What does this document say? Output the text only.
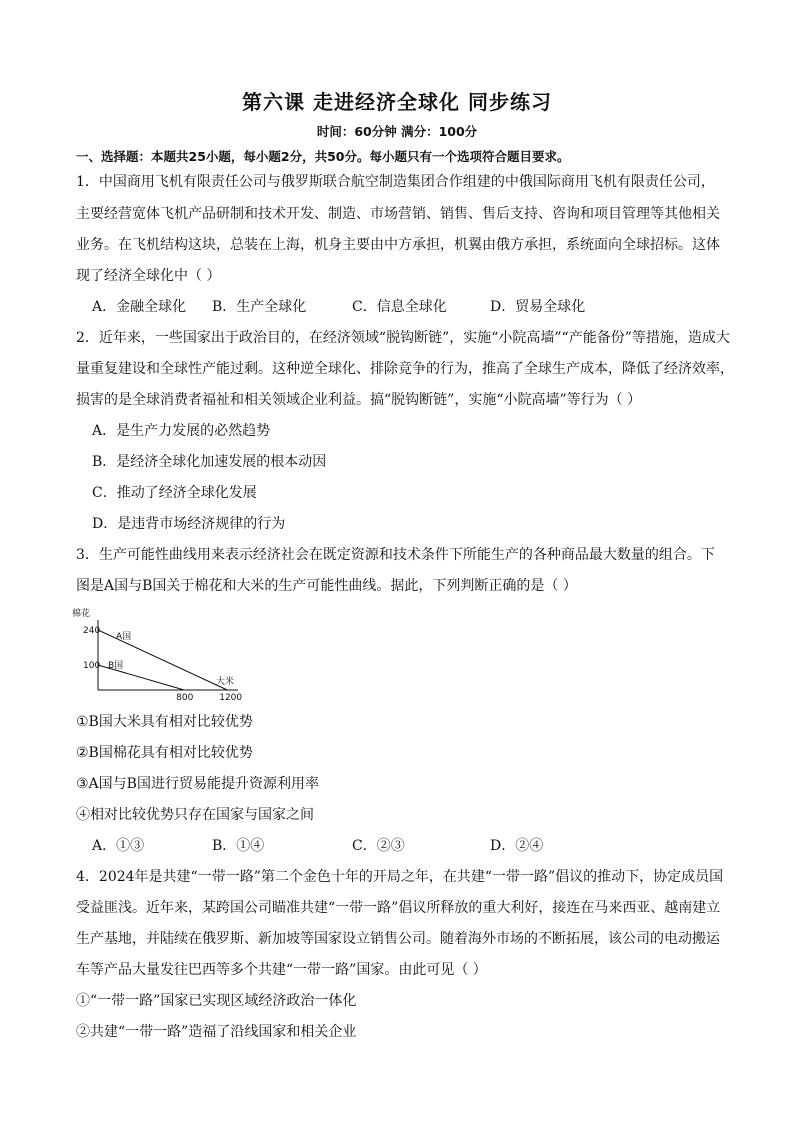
第六课 走进经济全球化 同步练习
时间：60分钟 满分：100分
一、选择题：本题共25小题，每小题2分，共50分。每小题只有一个选项符合题目要求。
1．中国商用飞机有限责任公司与俄罗斯联合航空制造集团合作组建的中俄国际商用飞机有限责任公司，
主要经营宽体飞机产品研制和技术开发、制造、市场营销、销售、售后支持、咨询和项目管理等其他相关
业务。在飞机结构这块，总装在上海，机身主要由中方承担，机翼由俄方承担，系统面向全球招标。这体
现了经济全球化中（ ）
A．金融全球化 B．生产全球化	C．信息全球化	D．贸易全球化
2．近年来，一些国家出于政治目的，在经济领域“脱钩断链”，实施“小院高墙”“产能备份”等措施，造成大
量重复建设和全球性产能过剩。这种逆全球化、排除竞争的行为，推高了全球生产成本，降低了经济效率，
损害的是全球消费者福祉和相关领域企业利益。搞“脱钩断链”，实施“小院高墙”等行为（ ）
A．是生产力发展的必然趋势
B．是经济全球化加速发展的根本动因
C．推动了经济全球化发展
D．是违背市场经济规律的行为
3．生产可能性曲线用来表示经济社会在既定资源和技术条件下所能生产的各种商品最大数量的组合。下
图是A国与B国关于棉花和大米的生产可能性曲线。据此，下列判断正确的是（ ）
棉花
大米
240
100
800	1200
A国
B国
①B国大米具有相对比较优势
②B国棉花具有相对比较优势
③A国与B国进行贸易能提升资源利用率
④相对比较优势只存在国家与国家之间
A．①③	B．①④	C．②③	D．②④
4．2024年是共建“一带一路”第二个金色十年的开局之年，在共建“一带一路”倡议的推动下，协定成员国
受益匪浅。近年来，某跨国公司瞄准共建“一带一路”倡议所释放的重大利好，接连在马来西亚、越南建立
生产基地，并陆续在俄罗斯、新加坡等国家设立销售公司。随着海外市场的不断拓展，该公司的电动搬运
车等产品大量发往巴西等多个共建“一带一路”国家。由此可见（ ）
①“一带一路”国家已实现区域经济政治一体化
②共建“一带一路”造福了沿线国家和相关企业
